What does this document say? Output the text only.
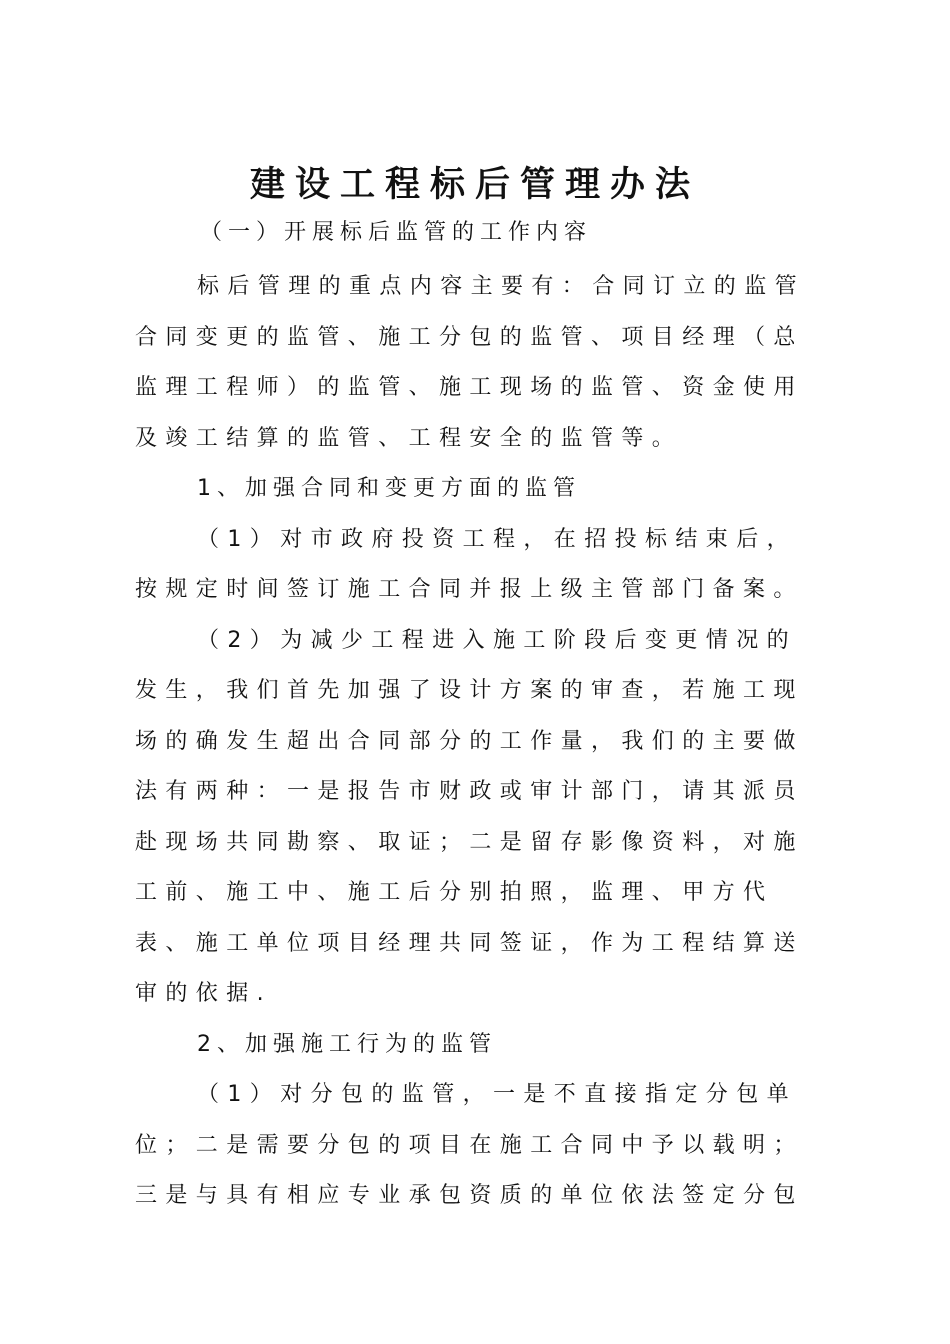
建设工程标后管理办法
（一）开展标后监管的工作内容

标后管理的重点内容主要有：合同订立的监管合同变更的监管、施工分包的监管、项目经理（总监理工程师）的监管、施工现场的监管、资金使用及竣工结算的监管、工程安全的监管等。

1、加强合同和变更方面的监管

（1）对市政府投资工程，在招投标结束后，按规定时间签订施工合同并报上级主管部门备案。

（2）为减少工程进入施工阶段后变更情况的发生，我们首先加强了设计方案的审查，若施工现场的确发生超出合同部分的工作量，我们的主要做法有两种：一是报告市财政或审计部门，请其派员赴现场共同勘察、取证；二是留存影像资料，对施工前、施工中、施工后分别拍照，监理、甲方代表、施工单位项目经理共同签证，作为工程结算送审的依据.

2、加强施工行为的监管

（1）对分包的监管，一是不直接指定分包单位；二是需要分包的项目在施工合同中予以载明；三是与具有相应专业承包资质的单位依法签定分包
